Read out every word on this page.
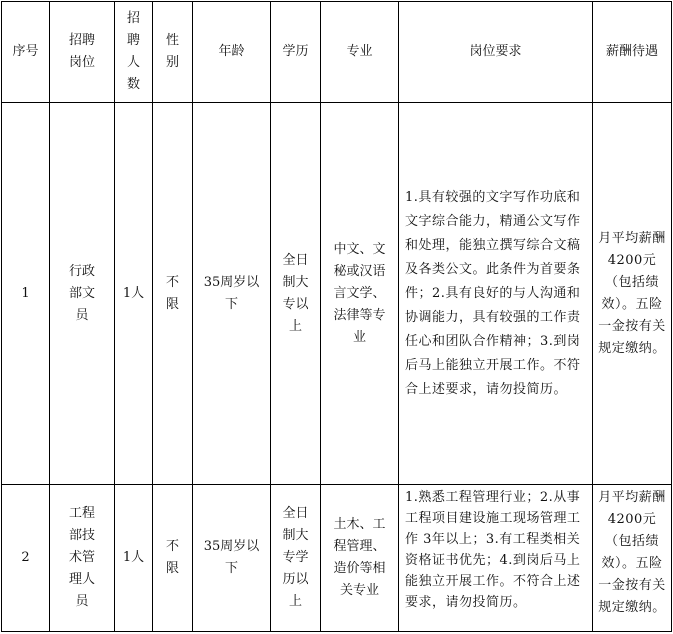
序号	招聘岗位	招聘人数	性别	年龄	学历	专业	岗位要求	薪酬待遇
1	行政部文员	1人	不限	35周岁以下	全日制大专以上	中文、文秘或汉语言文学、法律等专业	1.具有较强的文字写作功底和文字综合能力，精通公文写作和处理，能独立撰写综合文稿及各类公文。此条件为首要条件；2.具有良好的与人沟通和协调能力，具有较强的工作责任心和团队合作精神；3.到岗后马上能独立开展工作。不符合上述要求，请勿投简历。	月平均薪酬 4200元（包括绩效）。五险一金按有关规定缴纳。
2	工程部技术管理人员	1人	不限	35周岁以下	全日制大专学历以上	土木、工程管理、造价等相关专业	1.熟悉工程管理行业；2.从事工程项目建设施工现场管理工作 3年以上；3.有工程类相关资格证书优先；4.到岗后马上能独立开展工作。不符合上述要求，请勿投简历。	月平均薪酬 4200元（包括绩效）。五险一金按有关规定缴纳。
